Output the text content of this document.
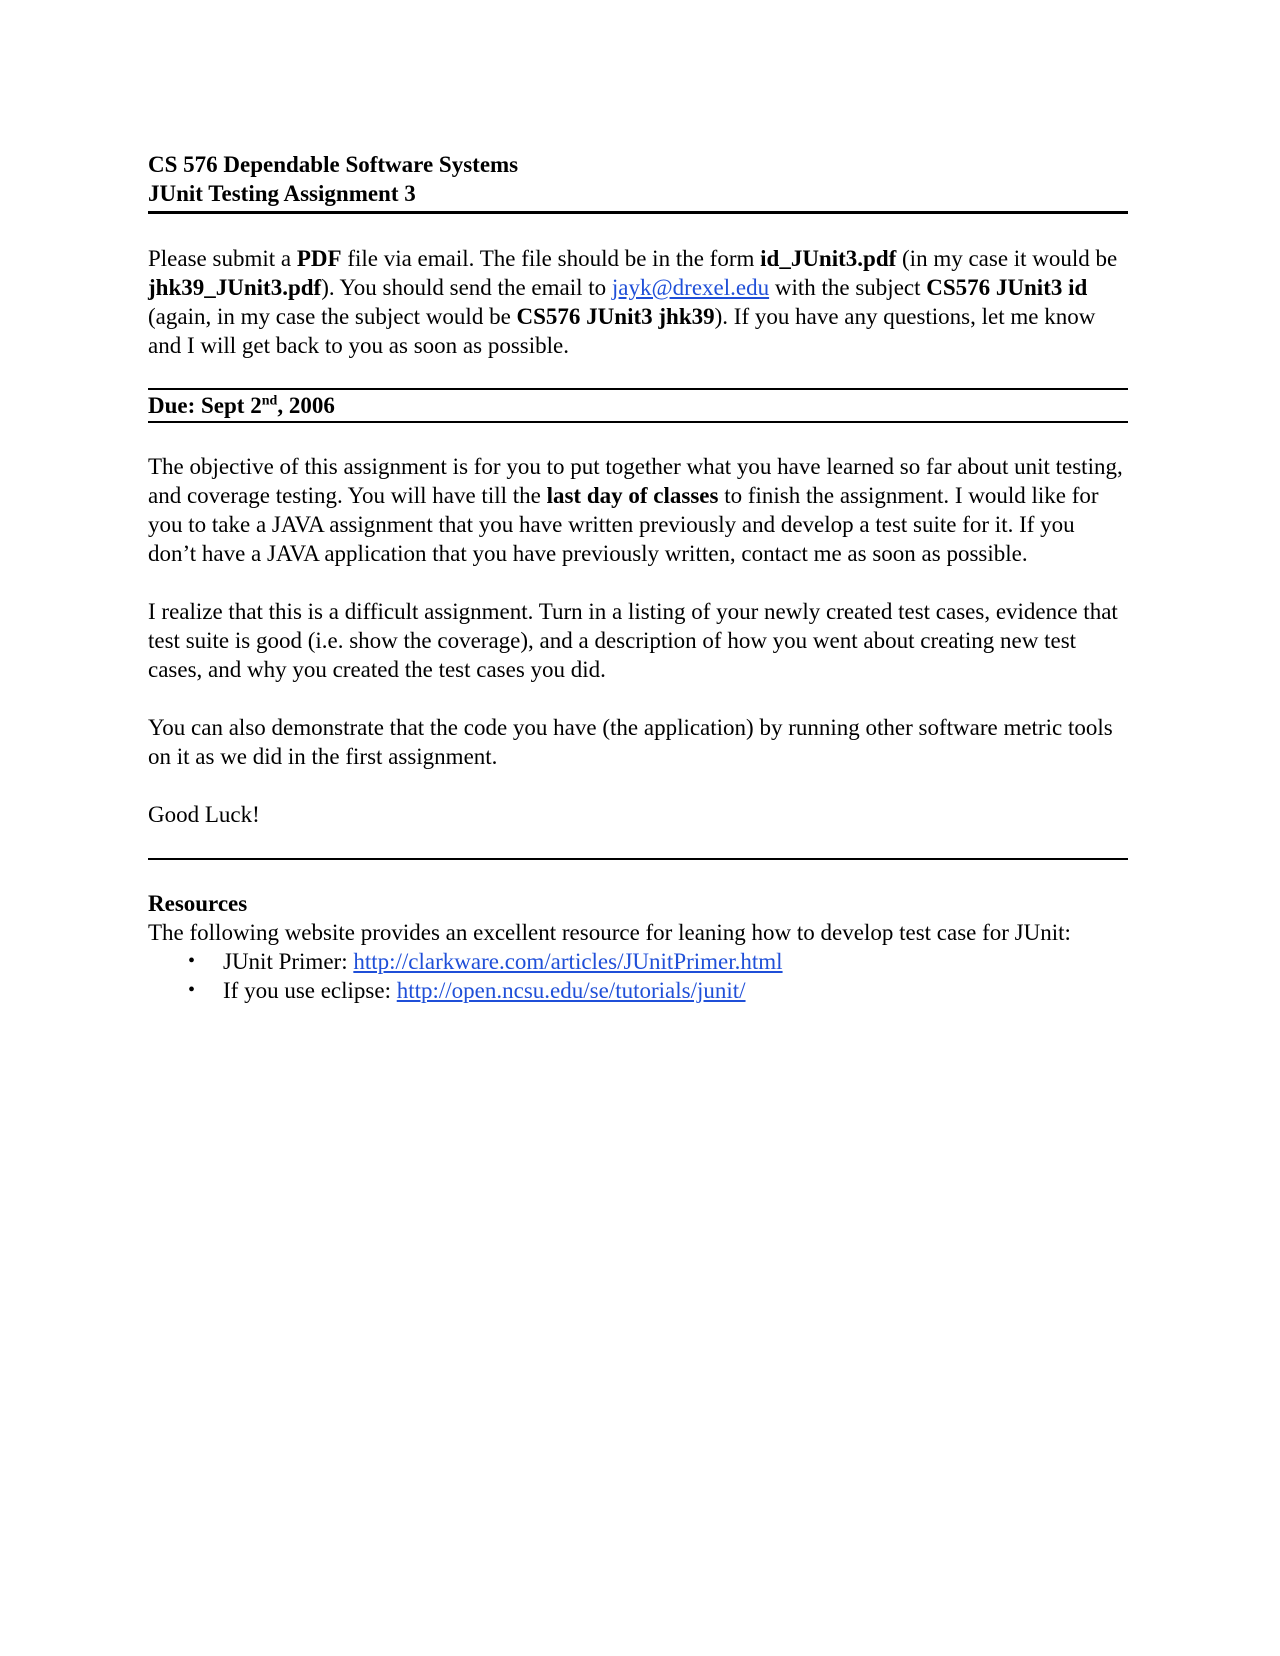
CS 576 Dependable Software Systems
JUnit Testing Assignment 3

Please submit a PDF file via email. The file should be in the form id_JUnit3.pdf (in my case it would be jhk39_JUnit3.pdf). You should send the email to jayk@drexel.edu with the subject CS576 JUnit3 id (again, in my case the subject would be CS576 JUnit3 jhk39). If you have any questions, let me know and I will get back to you as soon as possible.

Due: Sept 2nd, 2006

The objective of this assignment is for you to put together what you have learned so far about unit testing, and coverage testing. You will have till the last day of classes to finish the assignment. I would like for you to take a JAVA assignment that you have written previously and develop a test suite for it. If you don’t have a JAVA application that you have previously written, contact me as soon as possible.

I realize that this is a difficult assignment. Turn in a listing of your newly created test cases, evidence that test suite is good (i.e. show the coverage), and a description of how you went about creating new test cases, and why you created the test cases you did.

You can also demonstrate that the code you have (the application) by running other software metric tools on it as we did in the first assignment.

Good Luck!

Resources

The following website provides an excellent resource for leaning how to develop test case for JUnit:

• JUnit Primer: http://clarkware.com/articles/JUnitPrimer.html
• If you use eclipse: http://open.ncsu.edu/se/tutorials/junit/
